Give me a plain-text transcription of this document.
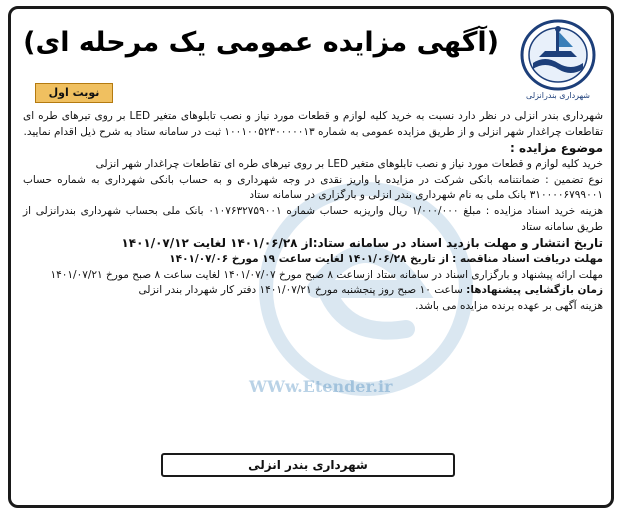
(آگهی مزایده عمومی یک مرحله ای)
شهرداری بندرانزلی
نوبت اول
WWw.Etender.ir

شهرداری بندر انزلی در نظر دارد نسبت به خرید کلیه لوازم و قطعات مورد نیاز و نصب تابلوهای متغیر LED بر روی تیرهای طره ای تقاطعات چراغدار شهر انزلی و از طریق مزایده عمومی به شماره ۱۰۰۱۰۰۵۲۳۰۰۰۰۰۱۳ ثبت در سامانه ستاد به شرح ذیل اقدام نمایید.

موضوع مزایده :

خرید کلیه لوازم و قطعات مورد نیاز و نصب تابلوهای متغیر LED بر روی تیرهای طره ای تقاطعات چراغدار شهر انزلی

نوع تضمین : ضمانتنامه بانکی شرکت در مزایده یا واریز نقدی در وجه شهرداری و به حساب بانکی شهرداری به شماره حساب ۳۱۰۰۰۰۶۷۹۹۰۰۱ بانک ملی به نام شهرداری بندر انزلی و بارگزاری در سامانه ستاد

هزینه خرید اسناد مزایده : مبلغ ۱/۰۰۰/۰۰۰ ریال واریزبه حساب شماره ۰۱۰۷۶۳۲۷۵۹۰۰۱ بانک ملی بحساب شهرداری بندرانزلی از طریق سامانه ستاد

تاریخ انتشار و مهلت بازدید اسناد در سامانه ستاد:از ۱۴۰۱/۰۶/۲۸ لغایت ۱۴۰۱/۰۷/۱۲

مهلت دریافت اسناد مناقصه : از تاریخ ۱۴۰۱/۰۶/۲۸ لغایت ساعت ۱۹ مورخ ۱۴۰۱/۰۷/۰۶

مهلت ارائه پیشنهاد و بارگزاری اسناد در سامانه ستاد ازساعت ۸ صبح مورخ ۱۴۰۱/۰۷/۰۷ لغایت ساعت ۸ صبح مورخ ۱۴۰۱/۰۷/۲۱

زمان بازگشایی پیشنهادها: ساعت ۱۰ صبح روز پنجشنبه مورخ ۱۴۰۱/۰۷/۲۱ دفتر کار شهردار بندر انزلی

هزینه آگهی بر عهده برنده مزایده می باشد.

شهرداری بندر انزلی
